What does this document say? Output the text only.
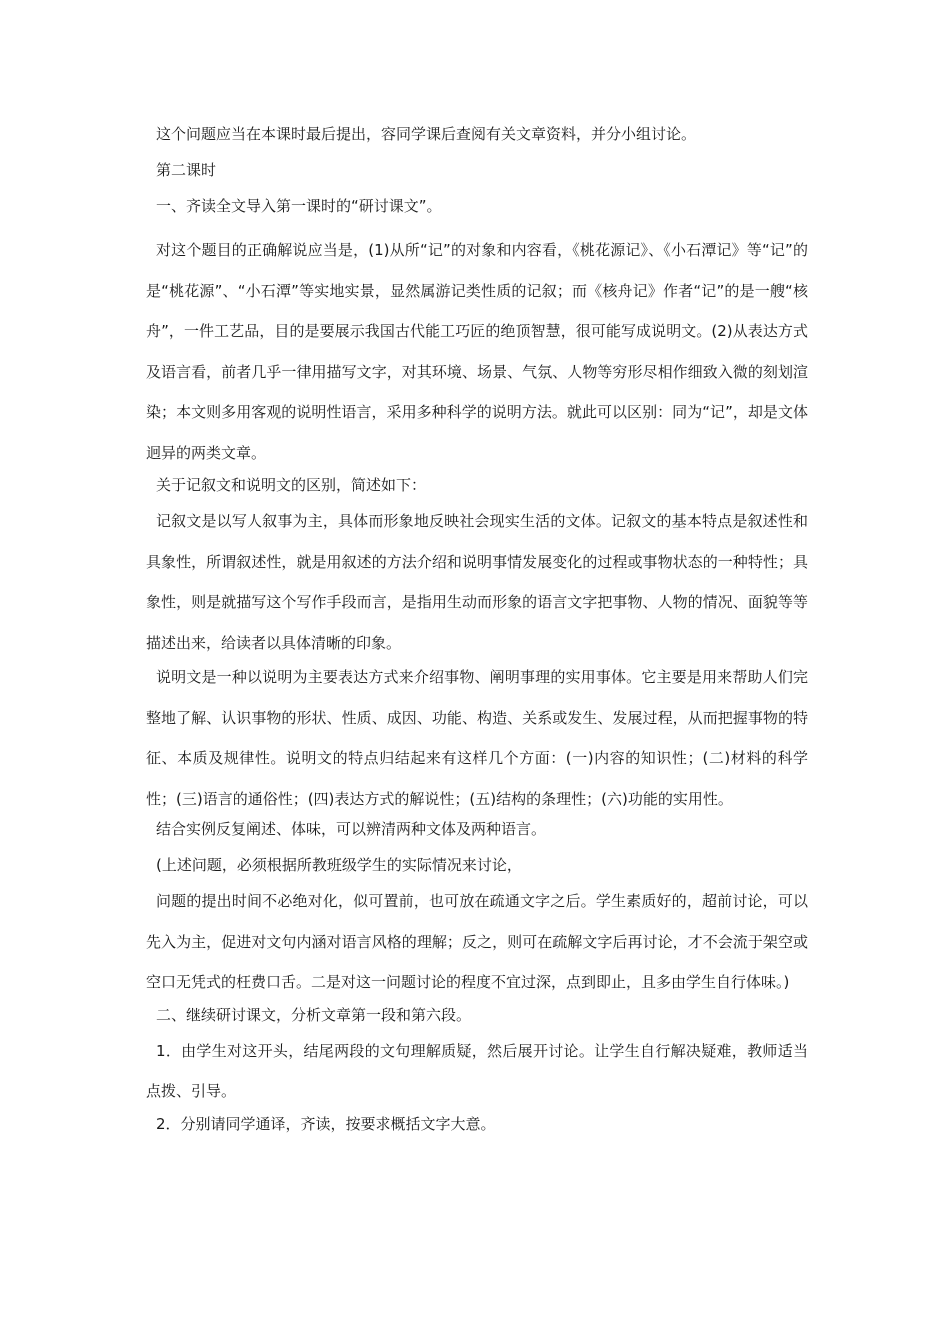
这个问题应当在本课时最后提出，容同学课后查阅有关文章资料，并分小组讨论。

第二课时

一、齐读全文导入第一课时的“研讨课文”。

对这个题目的正确解说应当是，(1)从所“记”的对象和内容看，《桃花源记》、《小石潭记》等“记”的是“桃花源”、“小石潭”等实地实景，显然属游记类性质的记叙；而《核舟记》作者“记”的是一艘“核舟”，一件工艺品，目的是要展示我国古代能工巧匠的绝顶智慧，很可能写成说明文。(2)从表达方式及语言看，前者几乎一律用描写文字，对其环境、场景、气氛、人物等穷形尽相作细致入微的刻划渲染；本文则多用客观的说明性语言，采用多种科学的说明方法。就此可以区别：同为“记”，却是文体迥异的两类文章。

关于记叙文和说明文的区别，简述如下：

记叙文是以写人叙事为主，具体而形象地反映社会现实生活的文体。记叙文的基本特点是叙述性和具象性，所谓叙述性，就是用叙述的方法介绍和说明事情发展变化的过程或事物状态的一种特性；具象性，则是就描写这个写作手段而言，是指用生动而形象的语言文字把事物、人物的情况、面貌等等描述出来，给读者以具体清晰的印象。

说明文是一种以说明为主要表达方式来介绍事物、阐明事理的实用事体。它主要是用来帮助人们完整地了解、认识事物的形状、性质、成因、功能、构造、关系或发生、发展过程，从而把握事物的特征、本质及规律性。说明文的特点归结起来有这样几个方面：(一)内容的知识性；(二)材料的科学性；(三)语言的通俗性；(四)表达方式的解说性；(五)结构的条理性；(六)功能的实用性。

结合实例反复阐述、体味，可以辨清两种文体及两种语言。

(上述问题，必须根据所教班级学生的实际情况来讨论，

问题的提出时间不必绝对化，似可置前，也可放在疏通文字之后。学生素质好的，超前讨论，可以先入为主，促进对文句内涵对语言风格的理解；反之，则可在疏解文字后再讨论，才不会流于架空或空口无凭式的枉费口舌。二是对这一问题讨论的程度不宜过深，点到即止，且多由学生自行体味。)

二、继续研讨课文，分析文章第一段和第六段。

1．由学生对这开头，结尾两段的文句理解质疑，然后展开讨论。让学生自行解决疑难，教师适当点拨、引导。

2．分别请同学通译，齐读，按要求概括文字大意。
